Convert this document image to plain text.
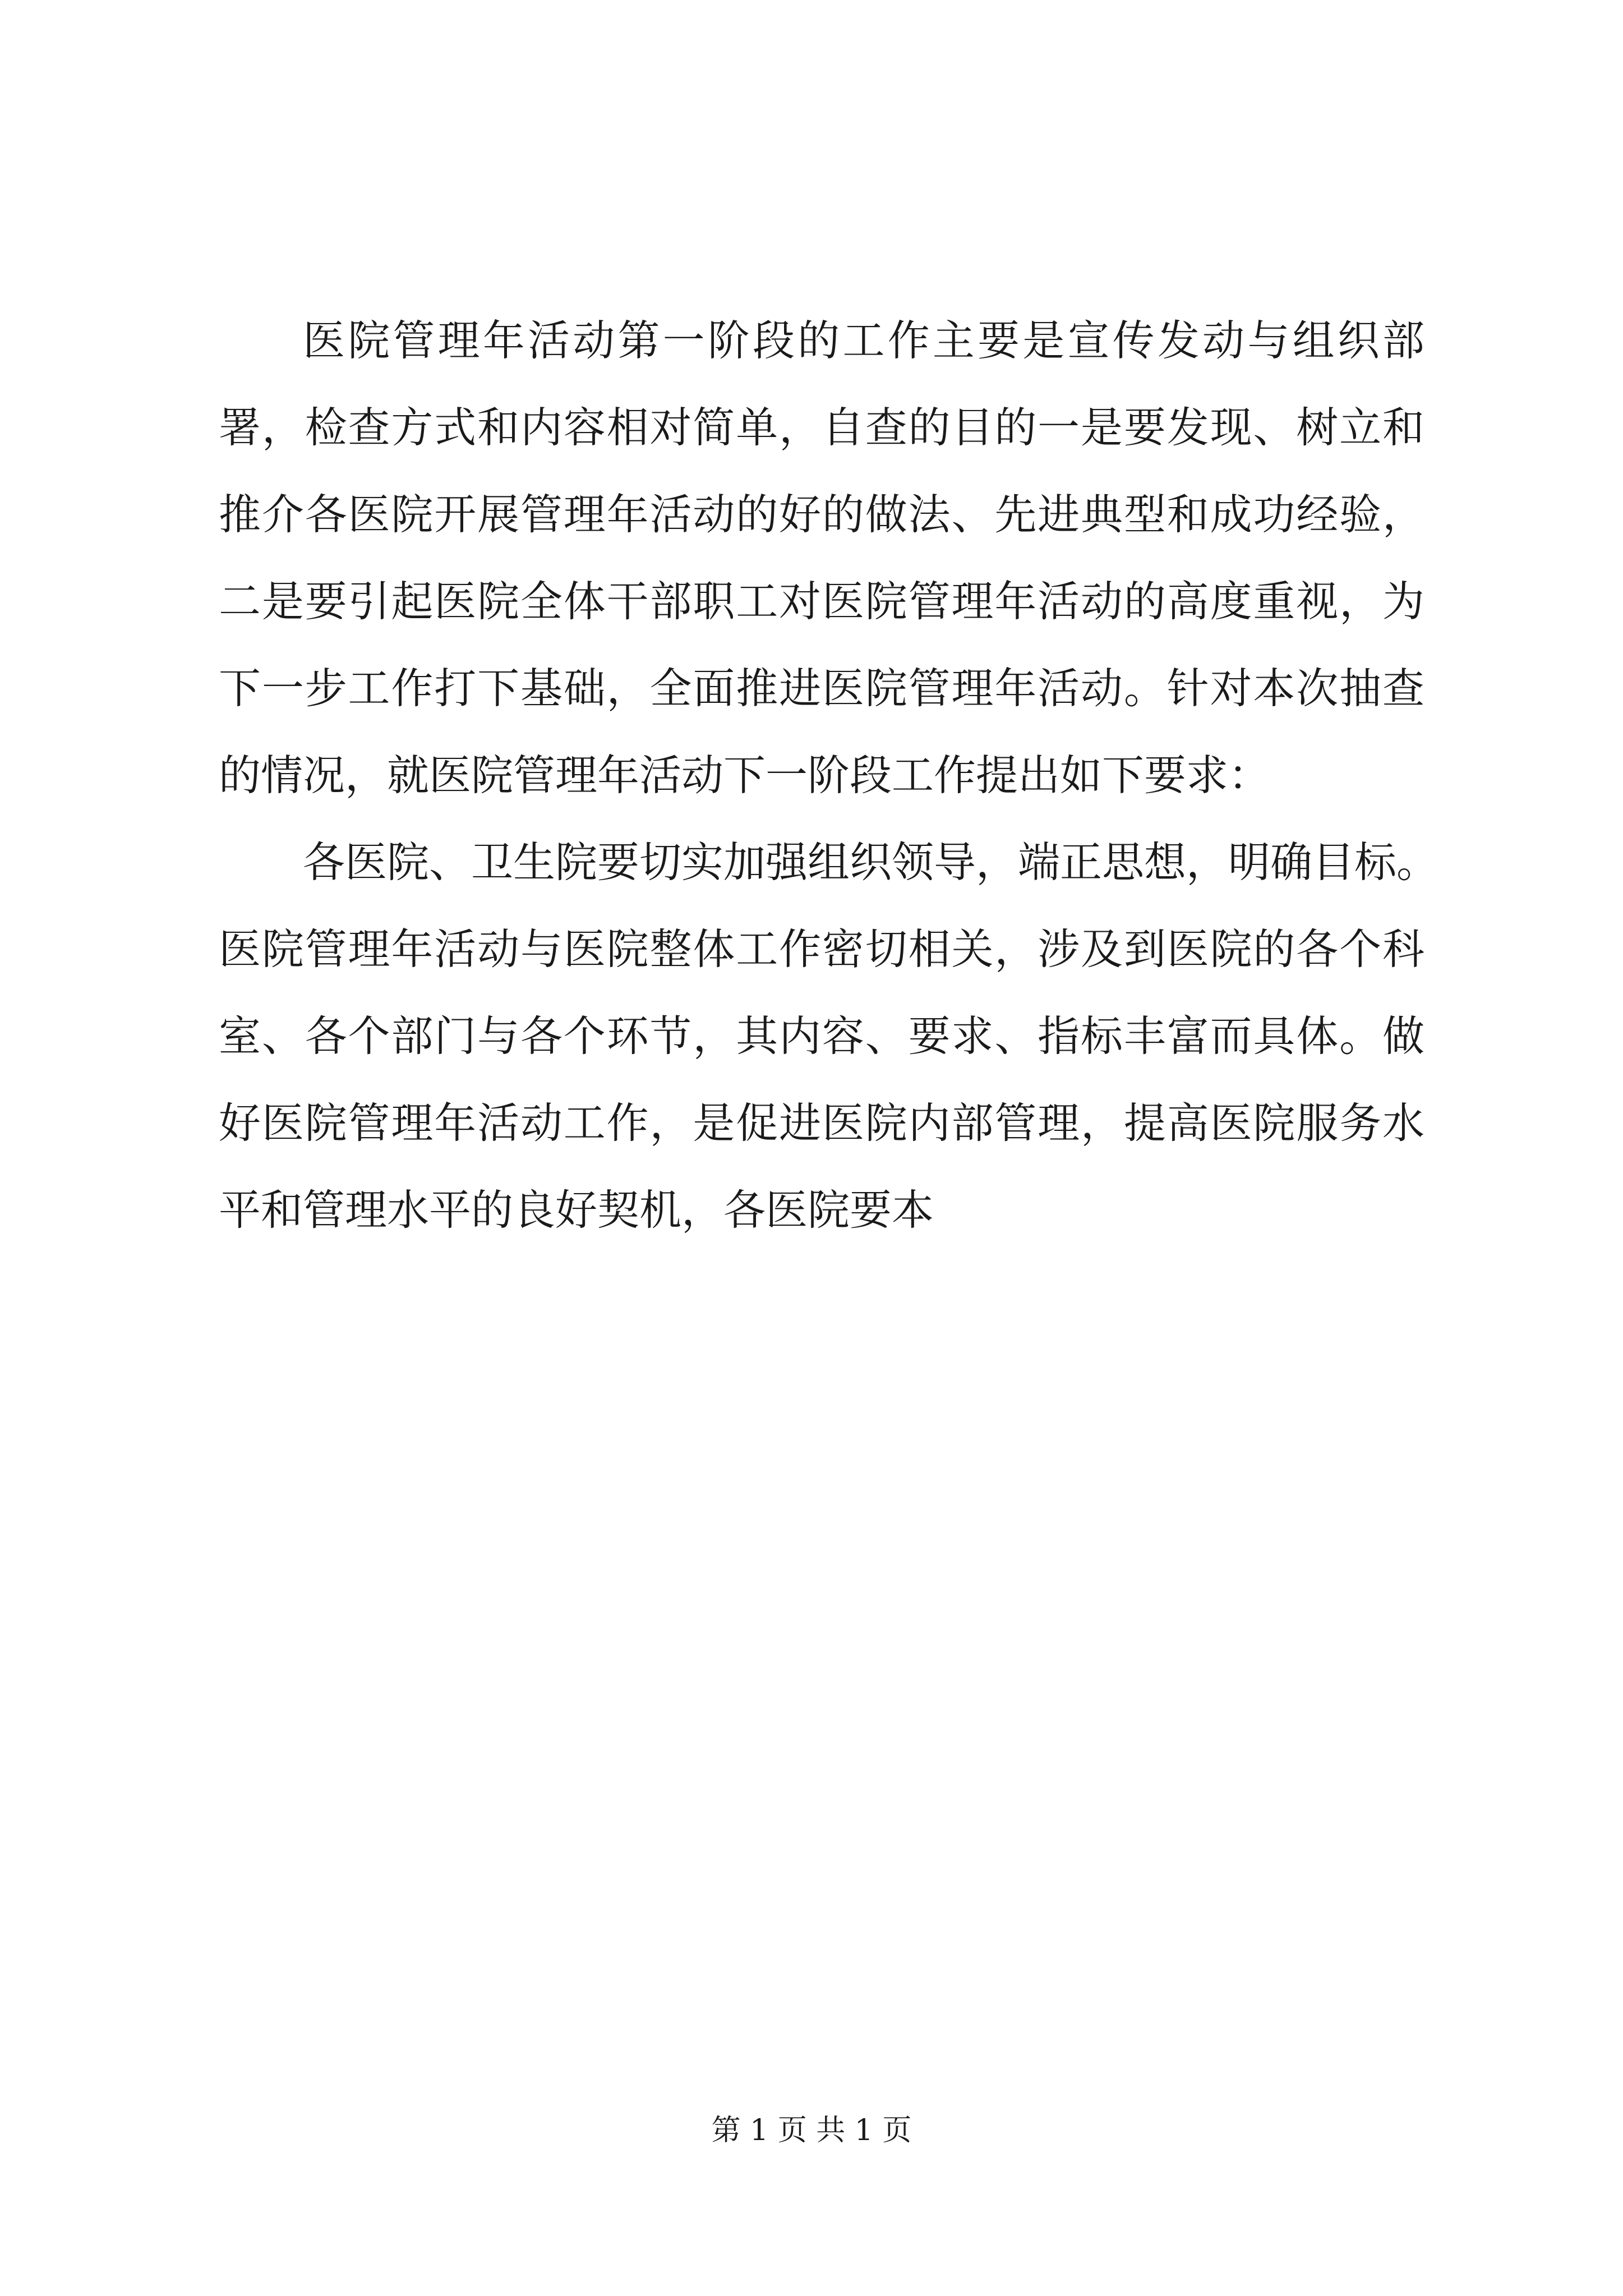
医院管理年活动第一阶段的工作主要是宣传发动与组织部
署，检查方式和内容相对简单，自查的目的一是要发现、树立和
推介各医院开展管理年活动的好的做法、先进典型和成功经验，
二是要引起医院全体干部职工对医院管理年活动的高度重视，为
下一步工作打下基础，全面推进医院管理年活动。针对本次抽查
的情况，就医院管理年活动下一阶段工作提出如下要求：
各医院、卫生院要切实加强组织领导，端正思想，明确目标。
医院管理年活动与医院整体工作密切相关，涉及到医院的各个科
室、各个部门与各个环节，其内容、要求、指标丰富而具体。做
好医院管理年活动工作，是促进医院内部管理，提高医院服务水
平和管理水平的良好契机，各医院要本
第 1 页 共 1 页
